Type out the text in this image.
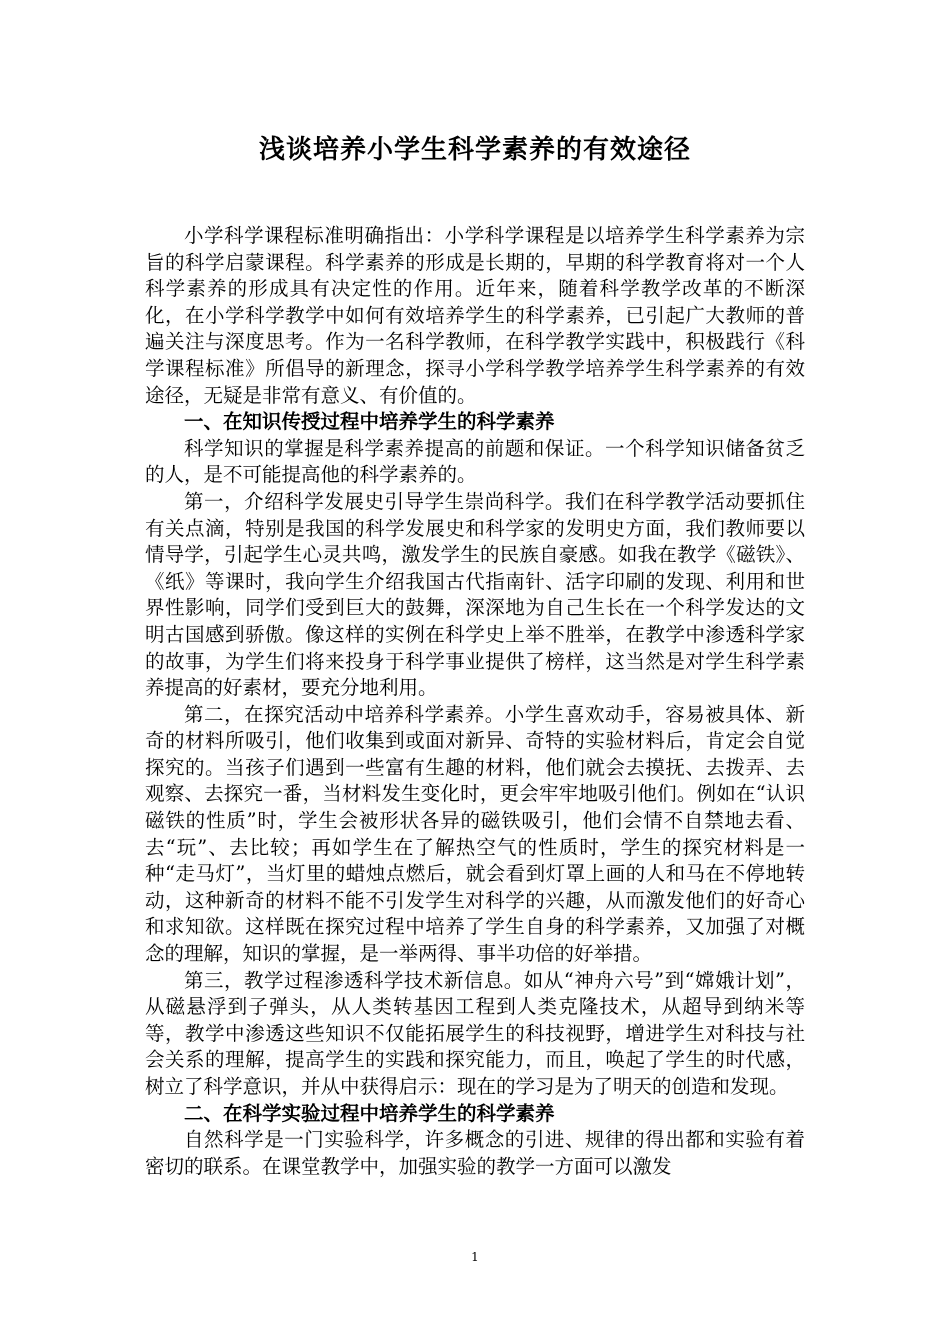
浅谈培养小学生科学素养的有效途径

小学科学课程标准明确指出：小学科学课程是以培养学生科学素养为宗旨的科学启蒙课程。科学素养的形成是长期的，早期的科学教育将对一个人科学素养的形成具有决定性的作用。近年来，随着科学教学改革的不断深化，在小学科学教学中如何有效培养学生的科学素养，已引起广大教师的普遍关注与深度思考。作为一名科学教师，在科学教学实践中，积极践行《科学课程标准》所倡导的新理念，探寻小学科学教学培养学生科学素养的有效途径，无疑是非常有意义、有价值的。

一、在知识传授过程中培养学生的科学素养

科学知识的掌握是科学素养提高的前题和保证。一个科学知识储备贫乏的人，是不可能提高他的科学素养的。

第一，介绍科学发展史引导学生崇尚科学。我们在科学教学活动要抓住有关点滴，特别是我国的科学发展史和科学家的发明史方面，我们教师要以情导学，引起学生心灵共鸣，激发学生的民族自豪感。如我在教学《磁铁》、《纸》等课时，我向学生介绍我国古代指南针、活字印刷的发现、利用和世界性影响，同学们受到巨大的鼓舞，深深地为自己生长在一个科学发达的文明古国感到骄傲。像这样的实例在科学史上举不胜举，在教学中渗透科学家的故事，为学生们将来投身于科学事业提供了榜样，这当然是对学生科学素养提高的好素材，要充分地利用。

第二，在探究活动中培养科学素养。小学生喜欢动手，容易被具体、新奇的材料所吸引，他们收集到或面对新异、奇特的实验材料后，肯定会自觉探究的。当孩子们遇到一些富有生趣的材料，他们就会去摸抚、去拨弄、去观察、去探究一番，当材料发生变化时，更会牢牢地吸引他们。例如在“认识磁铁的性质”时，学生会被形状各异的磁铁吸引，他们会情不自禁地去看、去“玩”、去比较；再如学生在了解热空气的性质时，学生的探究材料是一种“走马灯”，当灯里的蜡烛点燃后，就会看到灯罩上画的人和马在不停地转动，这种新奇的材料不能不引发学生对科学的兴趣，从而激发他们的好奇心和求知欲。这样既在探究过程中培养了学生自身的科学素养，又加强了对概念的理解，知识的掌握，是一举两得、事半功倍的好举措。

第三，教学过程渗透科学技术新信息。如从“神舟六号”到“嫦娥计划”，从磁悬浮到子弹头，从人类转基因工程到人类克隆技术，从超导到纳米等等，教学中渗透这些知识不仅能拓展学生的科技视野，增进学生对科技与社会关系的理解，提高学生的实践和探究能力，而且，唤起了学生的时代感，树立了科学意识，并从中获得启示：现在的学习是为了明天的创造和发现。

二、在科学实验过程中培养学生的科学素养

自然科学是一门实验科学，许多概念的引进、规律的得出都和实验有着密切的联系。在课堂教学中，加强实验的教学一方面可以激发

1
